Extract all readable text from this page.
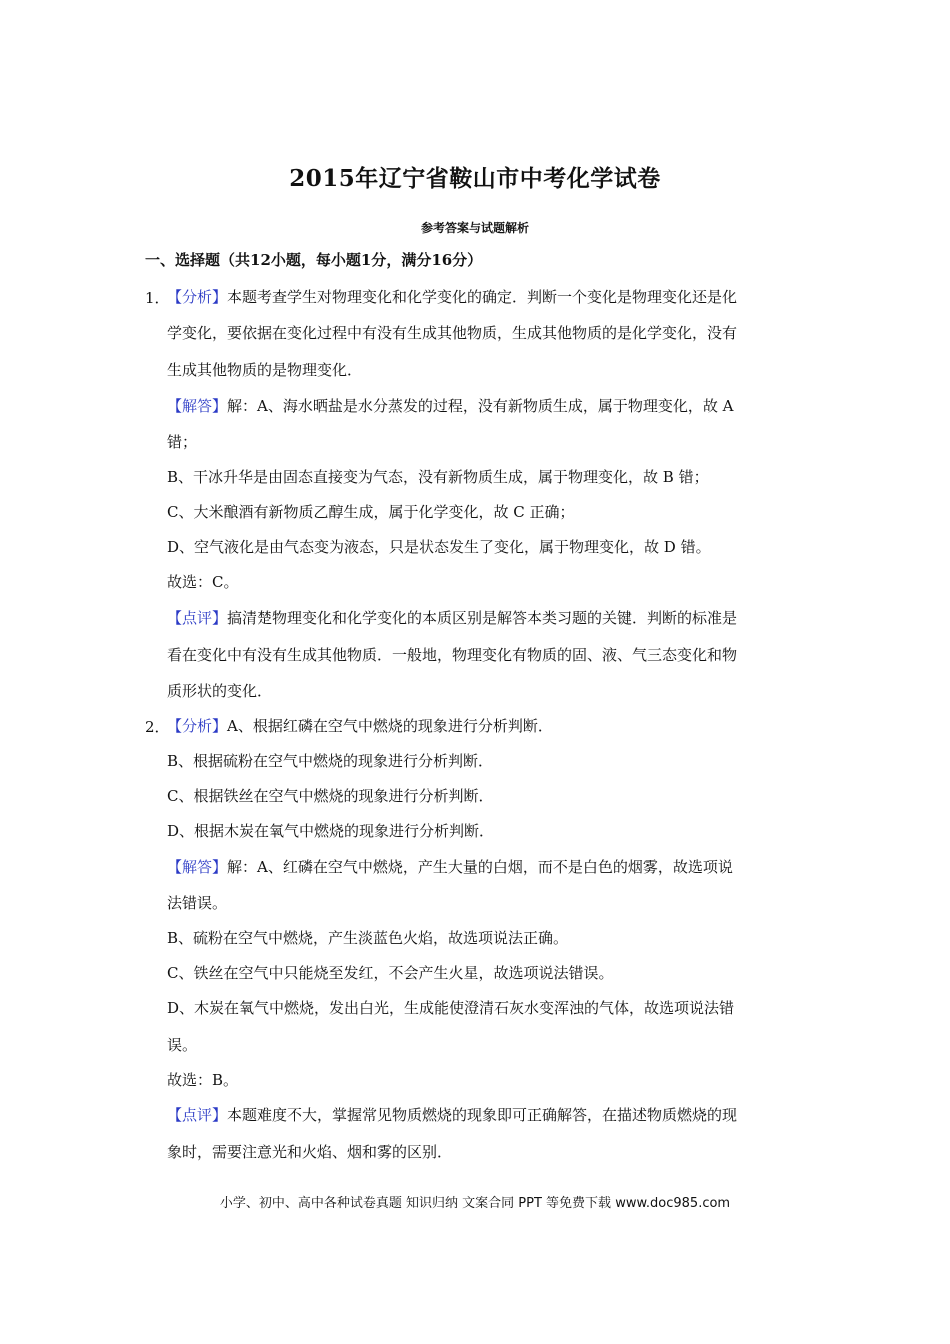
2015年辽宁省鞍山市中考化学试卷
参考答案与试题解析
一、选择题（共12小题，每小题1分，满分16分）
1．
【分析】本题考查学生对物理变化和化学变化的确定．判断一个变化是物理变化还是化
学变化，要依据在变化过程中有没有生成其他物质，生成其他物质的是化学变化，没有
生成其他物质的是物理变化．
【解答】解：A、海水晒盐是水分蒸发的过程，没有新物质生成，属于物理变化，故 A
错；
B、干冰升华是由固态直接变为气态，没有新物质生成，属于物理变化，故 B 错；
C、大米酿酒有新物质乙醇生成，属于化学变化，故 C 正确；
D、空气液化是由气态变为液态，只是状态发生了变化，属于物理变化，故 D 错。
故选：C。
【点评】搞清楚物理变化和化学变化的本质区别是解答本类习题的关键．判断的标准是
看在变化中有没有生成其他物质．一般地，物理变化有物质的固、液、气三态变化和物
质形状的变化．
2．
【分析】A、根据红磷在空气中燃烧的现象进行分析判断．
B、根据硫粉在空气中燃烧的现象进行分析判断．
C、根据铁丝在空气中燃烧的现象进行分析判断．
D、根据木炭在氧气中燃烧的现象进行分析判断．
【解答】解：A、红磷在空气中燃烧，产生大量的白烟，而不是白色的烟雾，故选项说
法错误。
B、硫粉在空气中燃烧，产生淡蓝色火焰，故选项说法正确。
C、铁丝在空气中只能烧至发红，不会产生火星，故选项说法错误。
D、木炭在氧气中燃烧，发出白光，生成能使澄清石灰水变浑浊的气体，故选项说法错
误。
故选：B。
【点评】本题难度不大，掌握常见物质燃烧的现象即可正确解答，在描述物质燃烧的现
象时，需要注意光和火焰、烟和雾的区别．
小学、初中、高中各种试卷真题 知识归纳 文案合同 PPT 等免费下载 www.doc985.com
